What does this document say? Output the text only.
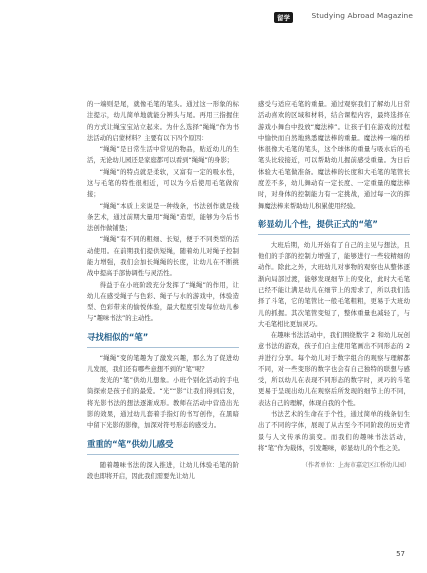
留学	Studying Abroad Magazine

的一端则是尾，就像毛笔的笔头。通过这一形象的标注提示，幼儿简单地就能分辨头与尾。再用三指握住的方式让绳宝宝站立起来。为什么选择“绳绳”作为书法活动的启蒙材料？主要有以下四个原因：

“绳绳”是日常生活中常见的物品，贴近幼儿的生活，无论幼儿园还是家庭都可以看到“绳绳”的身影；

“绳绳”的特点就是柔软，又富有一定的吸水性，这与毛笔的特性很相近，可以为今后使用毛笔做衔接；

“绳绳”本质上来说是一种线条，书法创作就是线条艺术，通过前期大量用“绳绳”造型，能够为今后书法创作做铺垫；

“绳绳”有不同的粗细、长短，便于不同类型的活动使用。在前期我们提供短绳，随着幼儿对绳子控制能力增强，我们会加长绳绳的长度，让幼儿在不断挑战中提高手部协调性与灵活性。

得益于在小班阶段充分发挥了“绳绳”的作用，让幼儿在感受绳子与色彩、绳子与水的游戏中，体验造型、色彩带来的愉悦体验，最大程度引发每位幼儿参与“趣味书法”的主动性。

寻找相似的“笔”

“绳绳”变的笔趣为了激发兴趣，那么为了促进幼儿发展，我们还有哪些意想不到的“笔”呢？

发光的“笔”供幼儿想象。小班个别化活动的手电筒探索是孩子们的最爱。“光”“影”让我们得到启发，将光影书法的想法逐渐成形。教师在活动中营造出光影的效果，通过幼儿套着手指灯的书写创作，在黑暗中留下光影的影像，加深对符号形态的感受力。

重重的“笔”供幼儿感受

随着趣味书法的深入推进，让幼儿体验毛笔的阶段也即将开启，因此我们需要先让幼儿

感受与适应毛笔的重量。通过观察我们了解幼儿日常活动喜欢的区域和材料，结合课程内容，最终选择在游戏小舞台中投放“魔法棒”。让孩子们在游戏的过程中愉快而自然地熟悉魔法棒的重量。魔法棒一端的样体很像大毛笔的笔头，这个球体的重量与吸水后的毛笔头比较接近，可以帮助幼儿握前感受重量。为日后体验大毛笔做准备。魔法棒的长度和大毛笔的笔管长度差不多，幼儿舞动有一定长度、一定重量的魔法棒时，对身体的控制能力有一定挑战，通过每一次的挥舞魔法棒来帮助幼儿积累使用经验。

彰显幼儿个性，提供正式的“笔”

大班后期，幼儿开始有了自己的主见与想法，且他们的手部的控制力增强了，能够进行一些较精细的动作。除此之外，大班幼儿对事物的观察也从整体逐渐向局部过渡，能够发现细节上的变化，此时大毛笔已经不能让满足幼儿在细节上的需求了，所以我们选择了斗笔，它的笔管比一般毛笔粗粗，更易于大班幼儿的抓握。其次笔管变短了，整体重量也减轻了，与大毛笔相比更加灵巧。

在趣味书法活动中，我们围绕数字 2 和幼儿玩创意书法的游戏，孩子们自主使用笔画出不同形态的 2 并进行分享。每个幼儿对于数字组合的观察与理解都不同，对一些变形的数字也会有自己独特的联想与感受，所以幼儿在表现不同形态的数字时，灵巧的斗笔更易于呈现出幼儿在观察后所发现的细节上的不同，表达自己的理解，体现自我的个性。

书法艺术的生命在于个性，通过简单的线条衍生出了不同的字体，展现了从古至今不同阶段的历史背景与人文传承的演变。而我们的趣味书法活动，将“笔”作为载体，引发趣味，彰显幼儿的个性之美。

（作者单位：上海市嘉定区江桥幼儿园）

57
